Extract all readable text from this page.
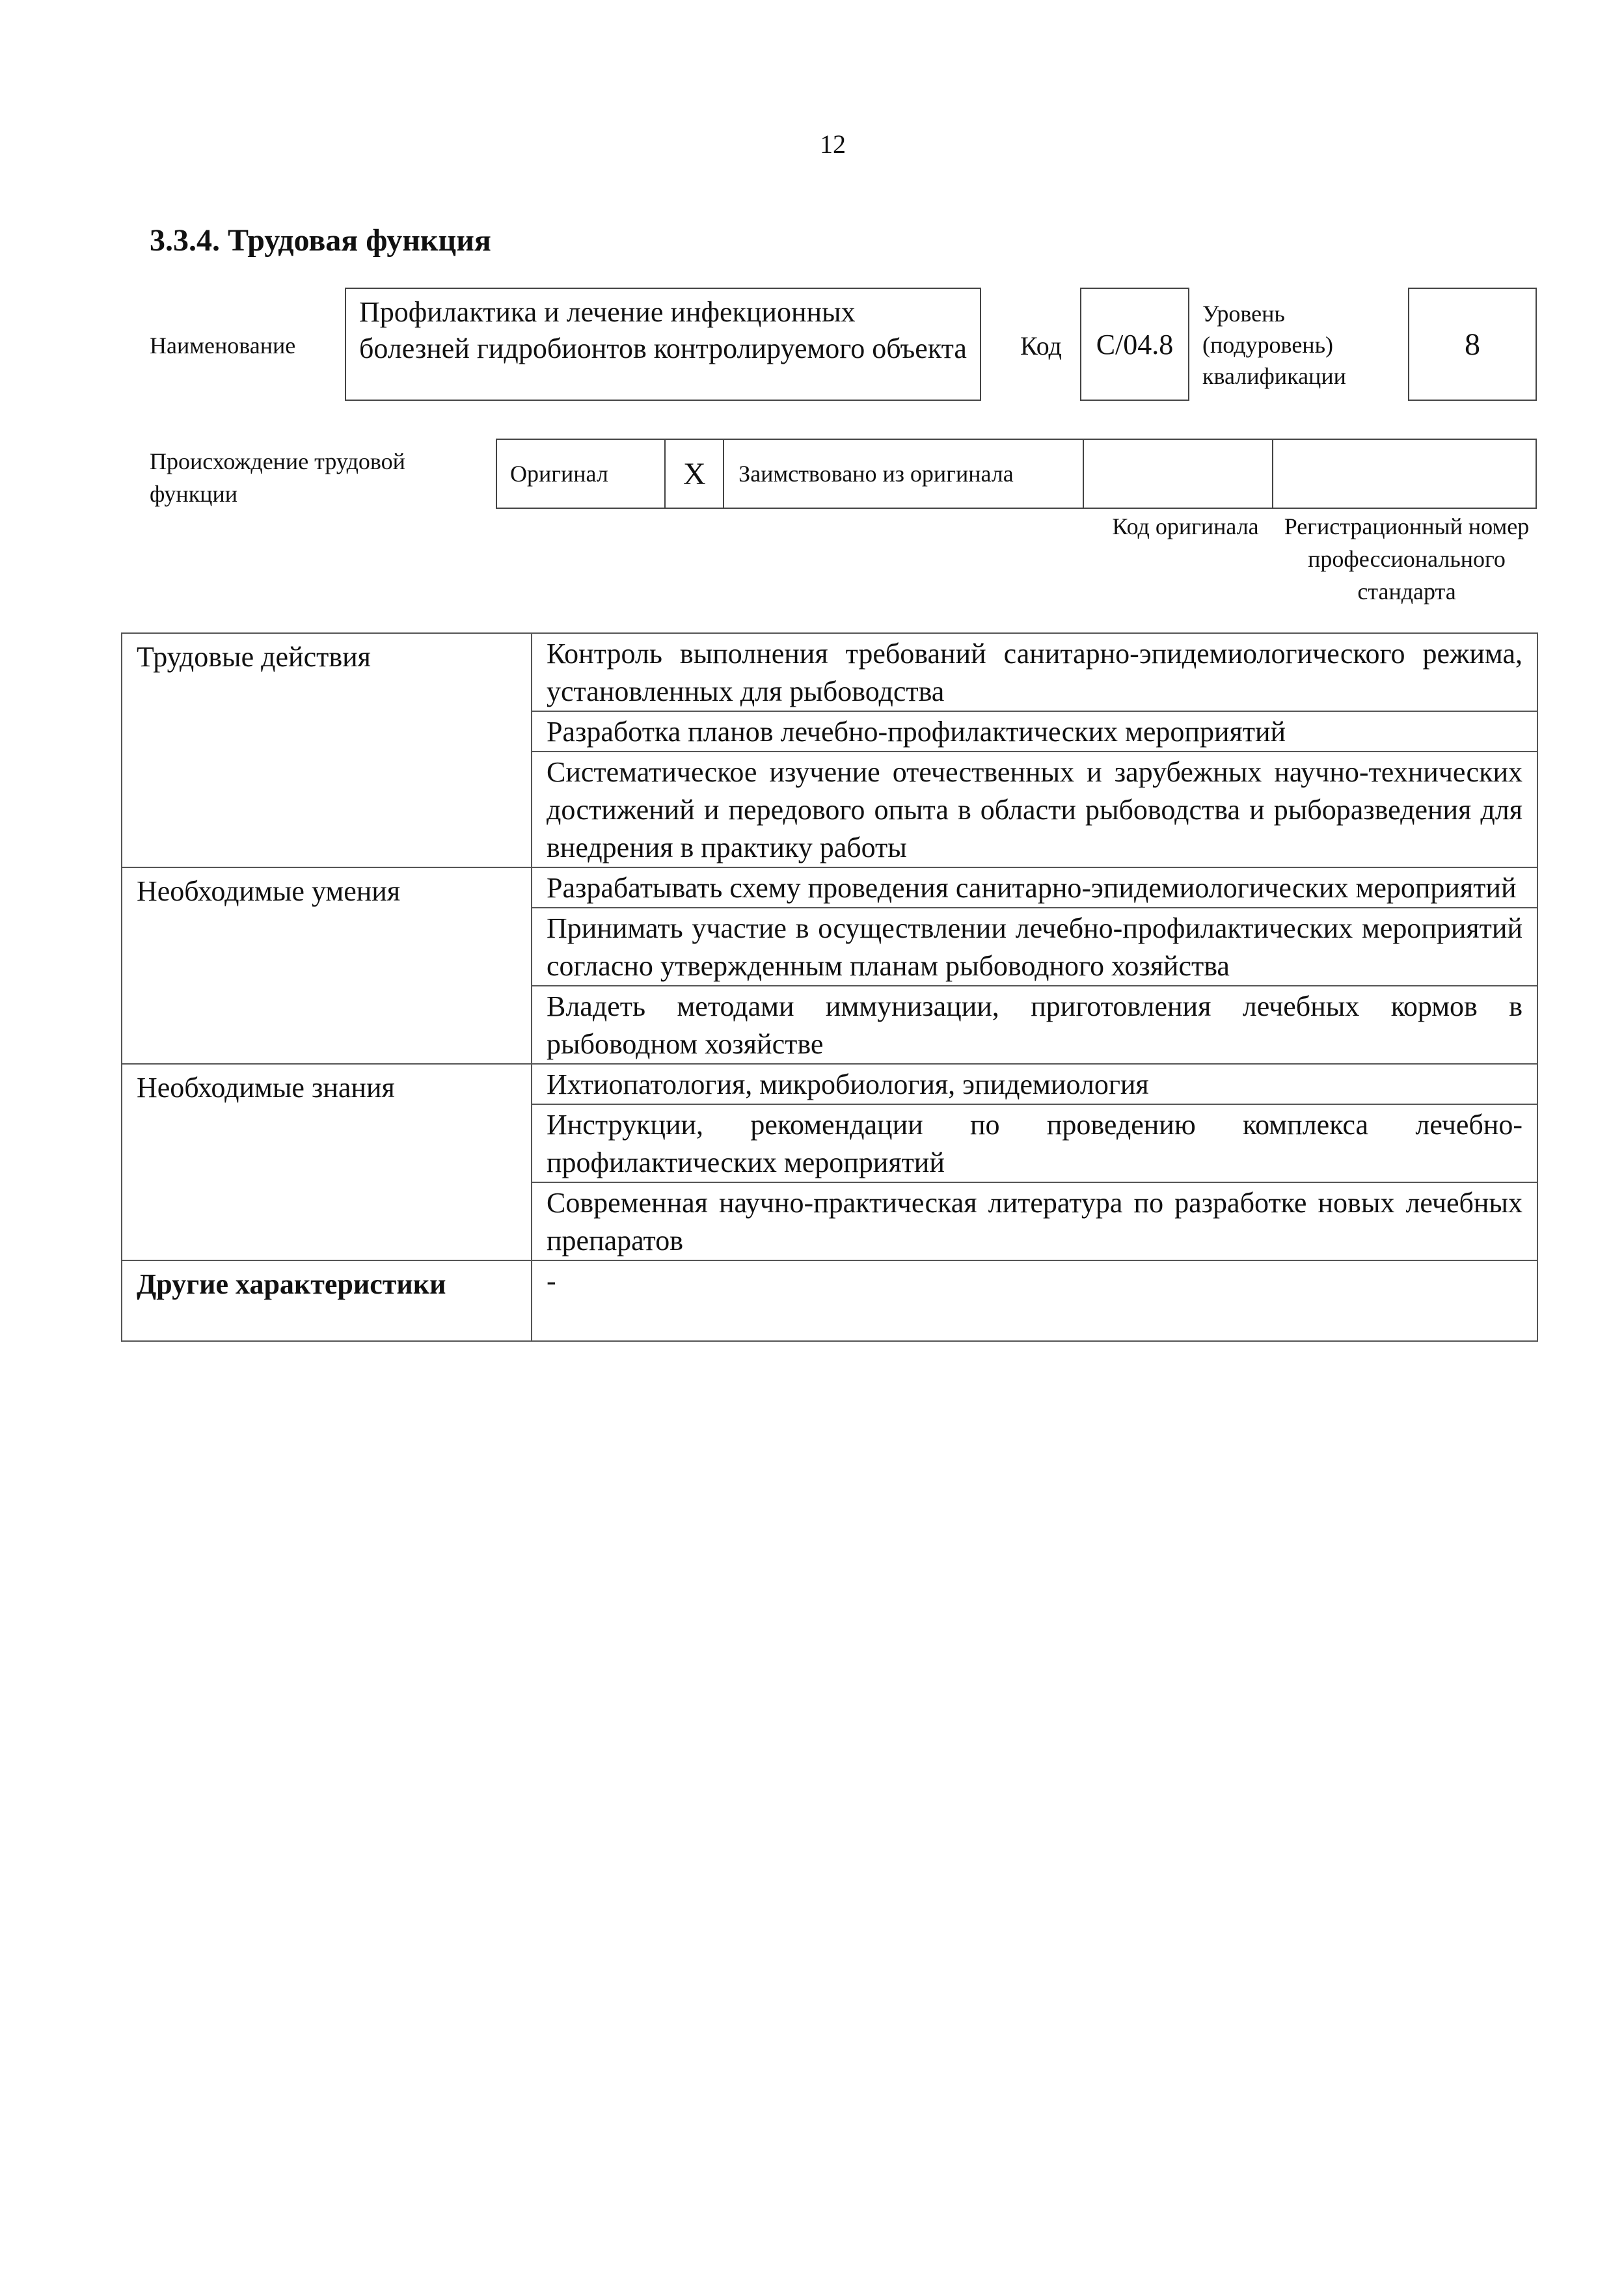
12
3.3.4. Трудовая функция
Наименование
Профилактика и лечение инфекционных болезней гидробионтов контролируемого объекта	Код C/04.8
Уровень (подуровень) квалификации
8
Происхождение трудовой функции
Оригинал X Заимствовано из оригинала
Код оригинала	Регистрационный номер профессионального стандарта
Трудовые действия	Контроль выполнения требований санитарно-эпидемиологического режима, установленных для рыбоводства
	Разработка планов лечебно-профилактических мероприятий
	Систематическое изучение отечественных и зарубежных научно-технических достижений и передового опыта в области рыбоводства и рыборазведения для внедрения в практику работы
Необходимые умения	Разрабатывать схему проведения санитарно-эпидемиологических мероприятий
	Принимать участие в осуществлении лечебно-профилактических мероприятий согласно утвержденным планам рыбоводного хозяйства
	Владеть методами иммунизации, приготовления лечебных кормов в рыбоводном хозяйстве
Необходимые знания	Ихтиопатология, микробиология, эпидемиология
	Инструкции, рекомендации по проведению комплекса лечебно-профилактических мероприятий
	Современная научно-практическая литература по разработке новых лечебных препаратов
Другие характеристики	-
